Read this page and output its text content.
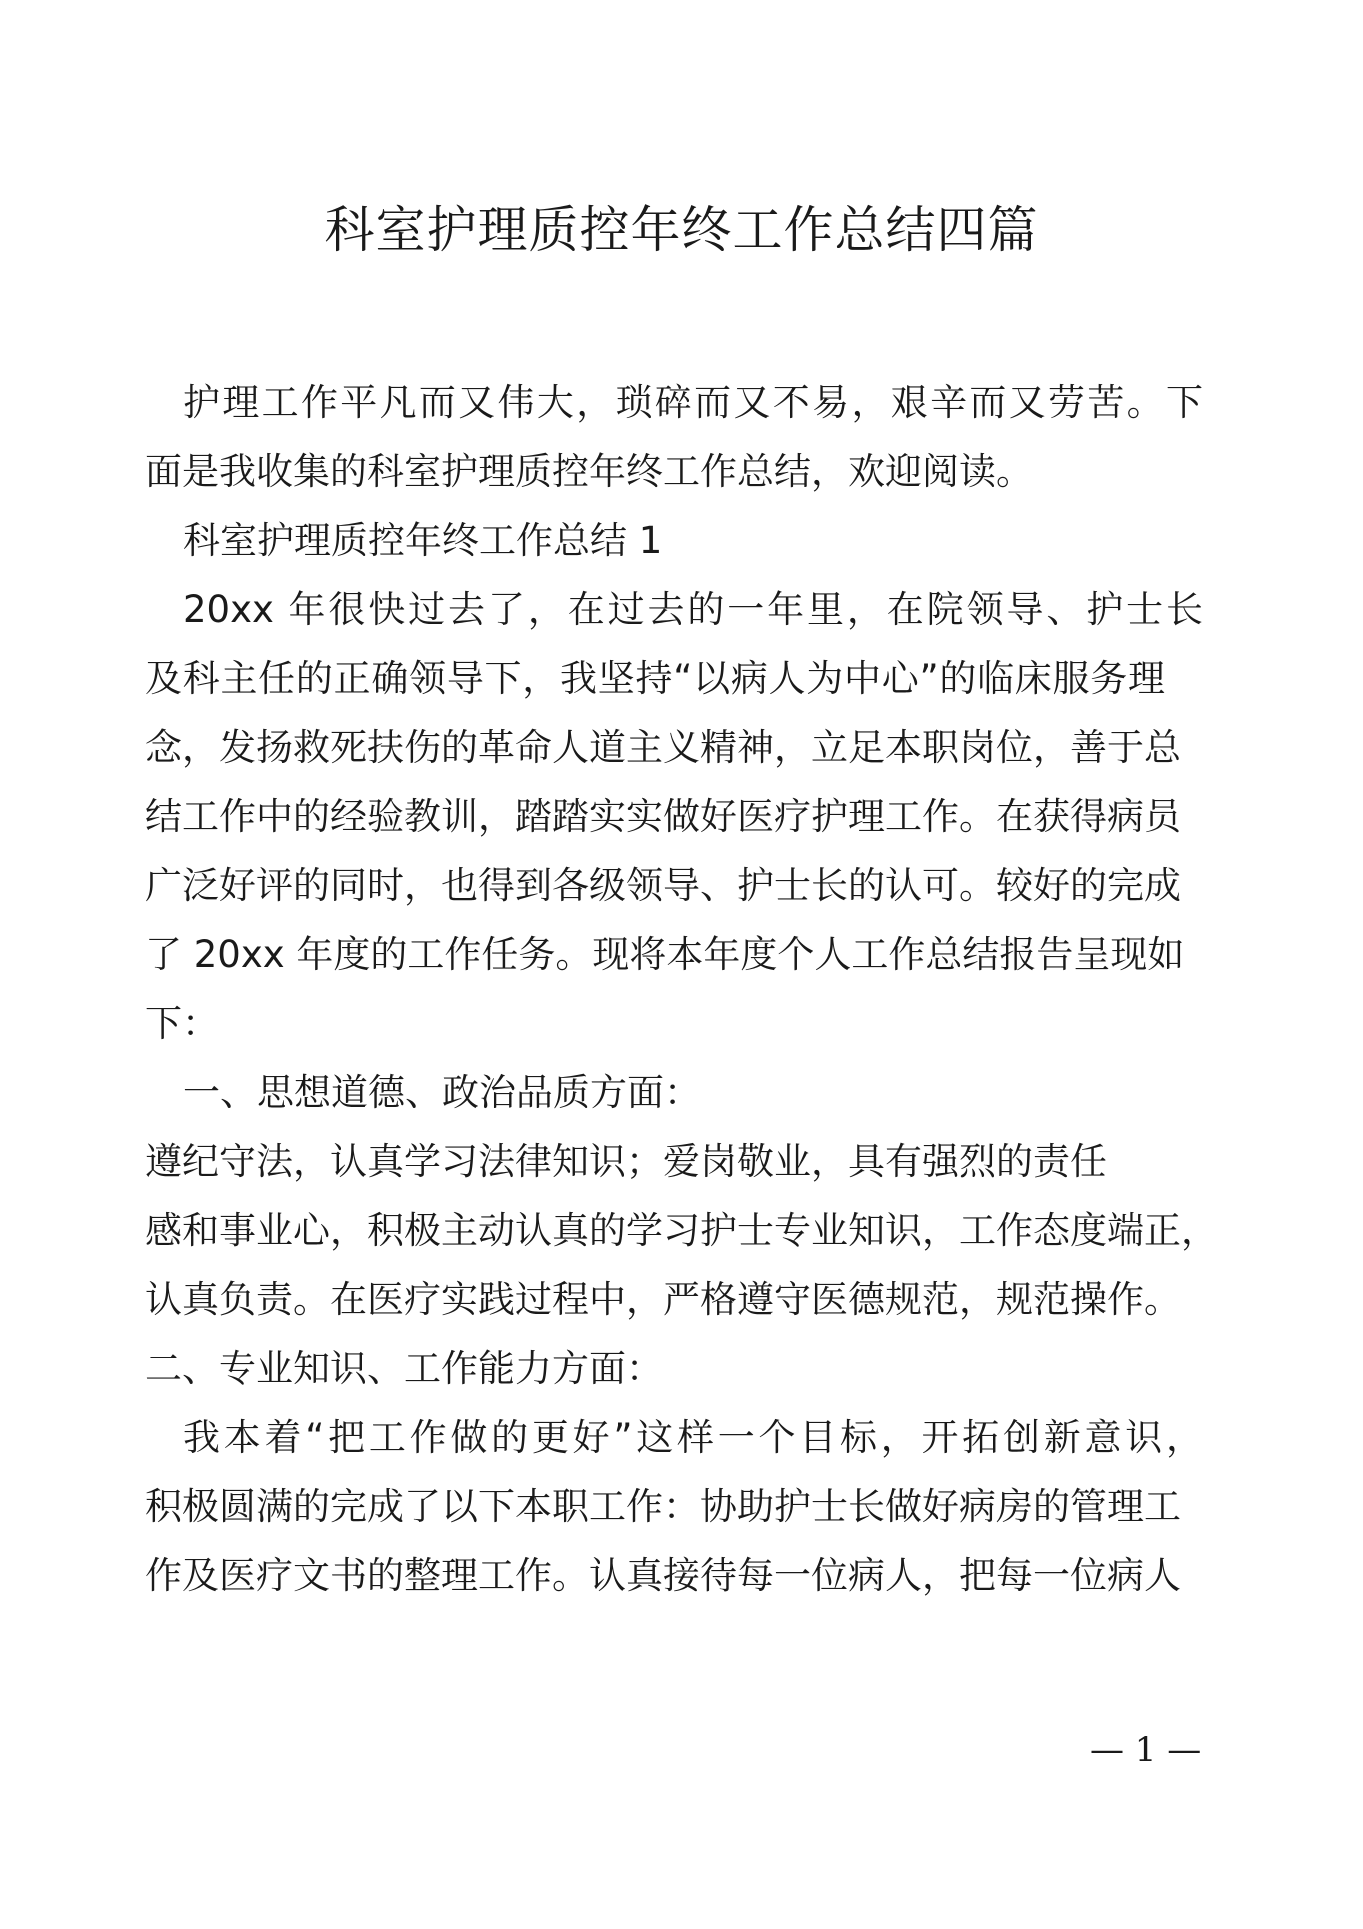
科室护理质控年终工作总结四篇
护理工作平凡而又伟大，琐碎而又不易，艰辛而又劳苦。下
面是我收集的科室护理质控年终工作总结，欢迎阅读。
科室护理质控年终工作总结 1
20xx 年很快过去了，在过去的一年里，在院领导、护士长
及科主任的正确领导下，我坚持“以病人为中心”的临床服务理
念，发扬救死扶伤的革命人道主义精神，立足本职岗位，善于总
结工作中的经验教训，踏踏实实做好医疗护理工作。在获得病员
广泛好评的同时，也得到各级领导、护士长的认可。较好的完成
了 20xx 年度的工作任务。现将本年度个人工作总结报告呈现如
下：
一、思想道德、政治品质方面：
遵纪守法，认真学习法律知识；爱岗敬业，具有强烈的责任
感和事业心，积极主动认真的学习护士专业知识，工作态度端正，
认真负责。在医疗实践过程中，严格遵守医德规范，规范操作。
二、专业知识、工作能力方面：
我本着“把工作做的更好”这样一个目标，开拓创新意识，
积极圆满的完成了以下本职工作：协助护士长做好病房的管理工
作及医疗文书的整理工作。认真接待每一位病人，把每一位病人
— 1 —
